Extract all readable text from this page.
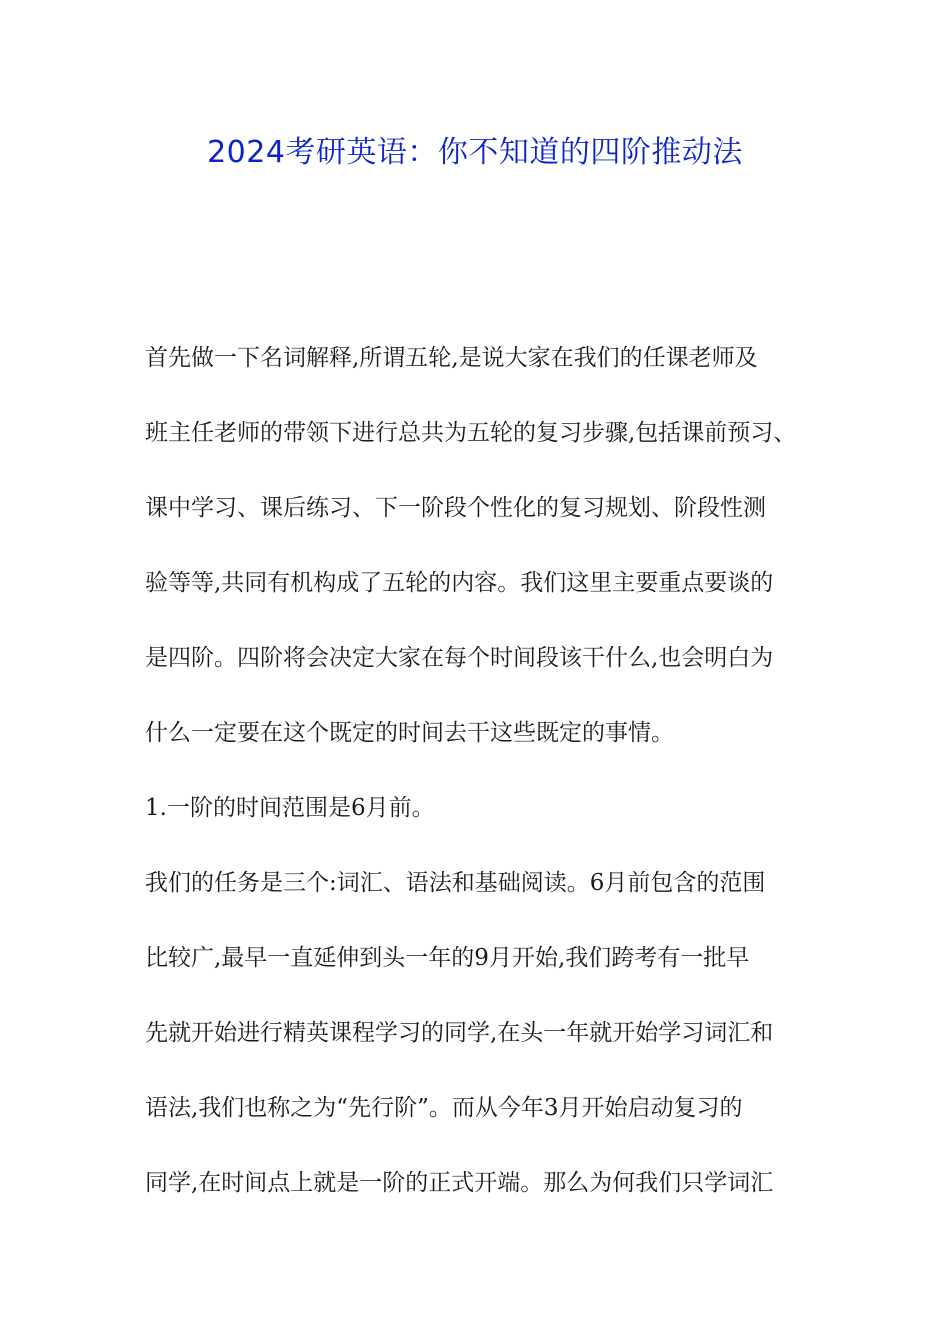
2024考研英语：你不知道的四阶推动法
首先做一下名词解释,所谓五轮,是说大家在我们的任课老师及
班主任老师的带领下进行总共为五轮的复习步骤,包括课前预习、
课中学习、课后练习、下一阶段个性化的复习规划、阶段性测
验等等,共同有机构成了五轮的内容。我们这里主要重点要谈的
是四阶。四阶将会决定大家在每个时间段该干什么,也会明白为
什么一定要在这个既定的时间去干这些既定的事情。
1.一阶的时间范围是6月前。
我们的任务是三个:词汇、语法和基础阅读。6月前包含的范围
比较广,最早一直延伸到头一年的9月开始,我们跨考有一批早
先就开始进行精英课程学习的同学,在头一年就开始学习词汇和
语法,我们也称之为“先行阶”。而从今年3月开始启动复习的
同学,在时间点上就是一阶的正式开端。那么为何我们只学词汇
